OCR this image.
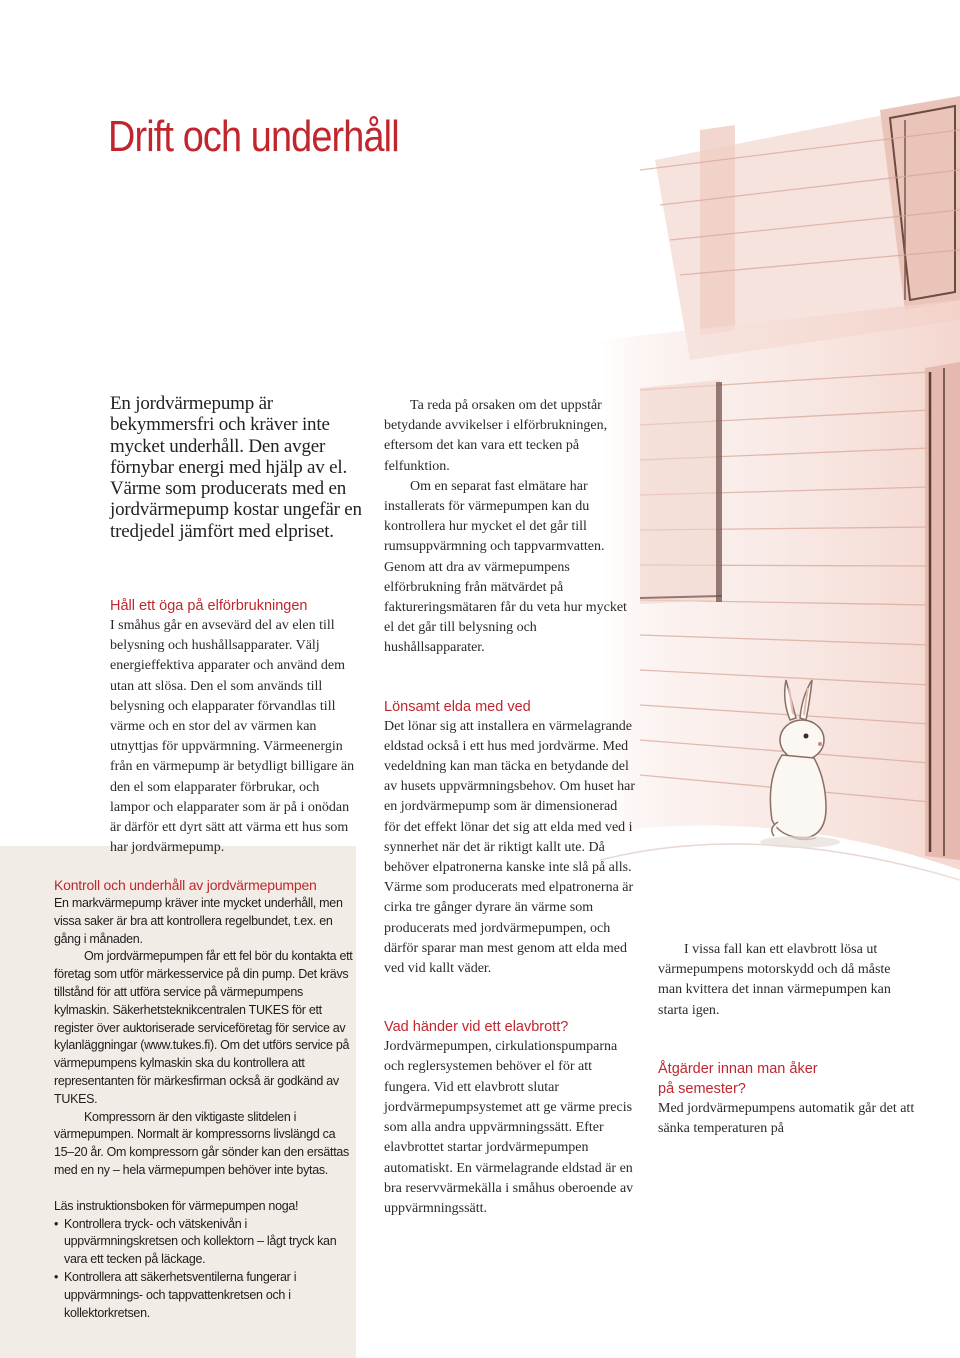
Drift och underhåll
En jordvärmepump är bekymmersfri och kräver inte mycket underhåll. Den avger förnybar energi med hjälp av el. Värme som producerats med en jordvärmepump kostar ungefär en tredjedel jämfört med elpriset.
Håll ett öga på elförbrukningen

I småhus går en avsevärd del av elen till belysning och hushållsapparater. Välj energieffektiva apparater och använd dem utan att slösa. Den el som används till belysning och elapparater förvandlas till värme och en stor del av värmen kan utnyttjas för uppvärmning. Värmeenergin från en värmepump är betydligt billigare än den el som elapparater förbrukar, och lampor och elapparater som är på i onödan är därför ett dyrt sätt att värma ett hus som har jordvärmepump.

Ta reda på orsaken om det uppstår betydande avvikelser i elförbrukningen, eftersom det kan vara ett tecken på felfunktion.

Om en separat fast elmätare har installerats för värmepumpen kan du kontrollera hur mycket el det går till rumsuppvärmning och tappvarmvatten. Genom att dra av värmepumpens elförbrukning från mätvärdet på faktureringsmätaren får du veta hur mycket el det går till belysning och hushållsapparater.

Lönsamt elda med ved

Det lönar sig att installera en värmelagrande eldstad också i ett hus med jordvärme. Med vedeldning kan man täcka en betydande del av husets uppvärmningsbehov. Om huset har en jordvärmepump som är dimensionerad för det effekt lönar det sig att elda med ved i synnerhet när det är riktigt kallt ute. Då behöver elpatronerna kanske inte slå på alls. Värme som producerats med elpatronerna är cirka tre gånger dyrare än värme som producerats med jordvärmepumpen, och därför sparar man mest genom att elda med ved vid kallt väder.

Vad händer vid ett elavbrott?

Jordvärmepumpen, cirkulationspumparna och reglersystemen behöver el för att fungera. Vid ett elavbrott slutar jordvärmepumpsystemet att ge värme precis som alla andra uppvärmningssätt. Efter elavbrottet startar jordvärmepumpen automatiskt. En värmelagrande eldstad är en bra reservvärmekälla i småhus oberoende av uppvärmningssätt.

I vissa fall kan ett elavbrott lösa ut värmepumpens motorskydd och då måste man kvittera det innan värmepumpen kan starta igen.

Åtgärder innan man åker
på semester?

Med jordvärmepumpens automatik går det att sänka temperaturen på

Kontroll och underhåll av jordvärmepumpen

En markvärmepump kräver inte mycket underhåll, men vissa saker är bra att kontrollera regelbundet, t.ex. en gång i månaden.

Om jordvärmepumpen får ett fel bör du kontakta ett företag som utför märkesservice på din pump. Det krävs tillstånd för att utföra service på värmepumpens kylmaskin. Säkerhetsteknikcentralen TUKES för ett register över auktoriserade serviceföretag för service av kylanläggningar (www.tukes.fi). Om det utförs service på värmepumpens kylmaskin ska du kontrollera att representanten för märkesfirman också är godkänd av TUKES.

Kompressorn är den viktigaste slitdelen i värmepumpen. Normalt är kompressorns livslängd ca 15–20 år. Om kompressorn går sönder kan den ersättas med en ny – hela värmepumpen behöver inte bytas.

Läs instruktionsboken för värmepumpen noga!

• Kontrollera tryck- och vätskenivån i uppvärmningskretsen och kollektorn – lågt tryck kan vara ett tecken på läckage.
• Kontrollera att säkerhetsventilerna fungerar i uppvärmnings- och tappvattenkretsen och i kollektorkretsen.
